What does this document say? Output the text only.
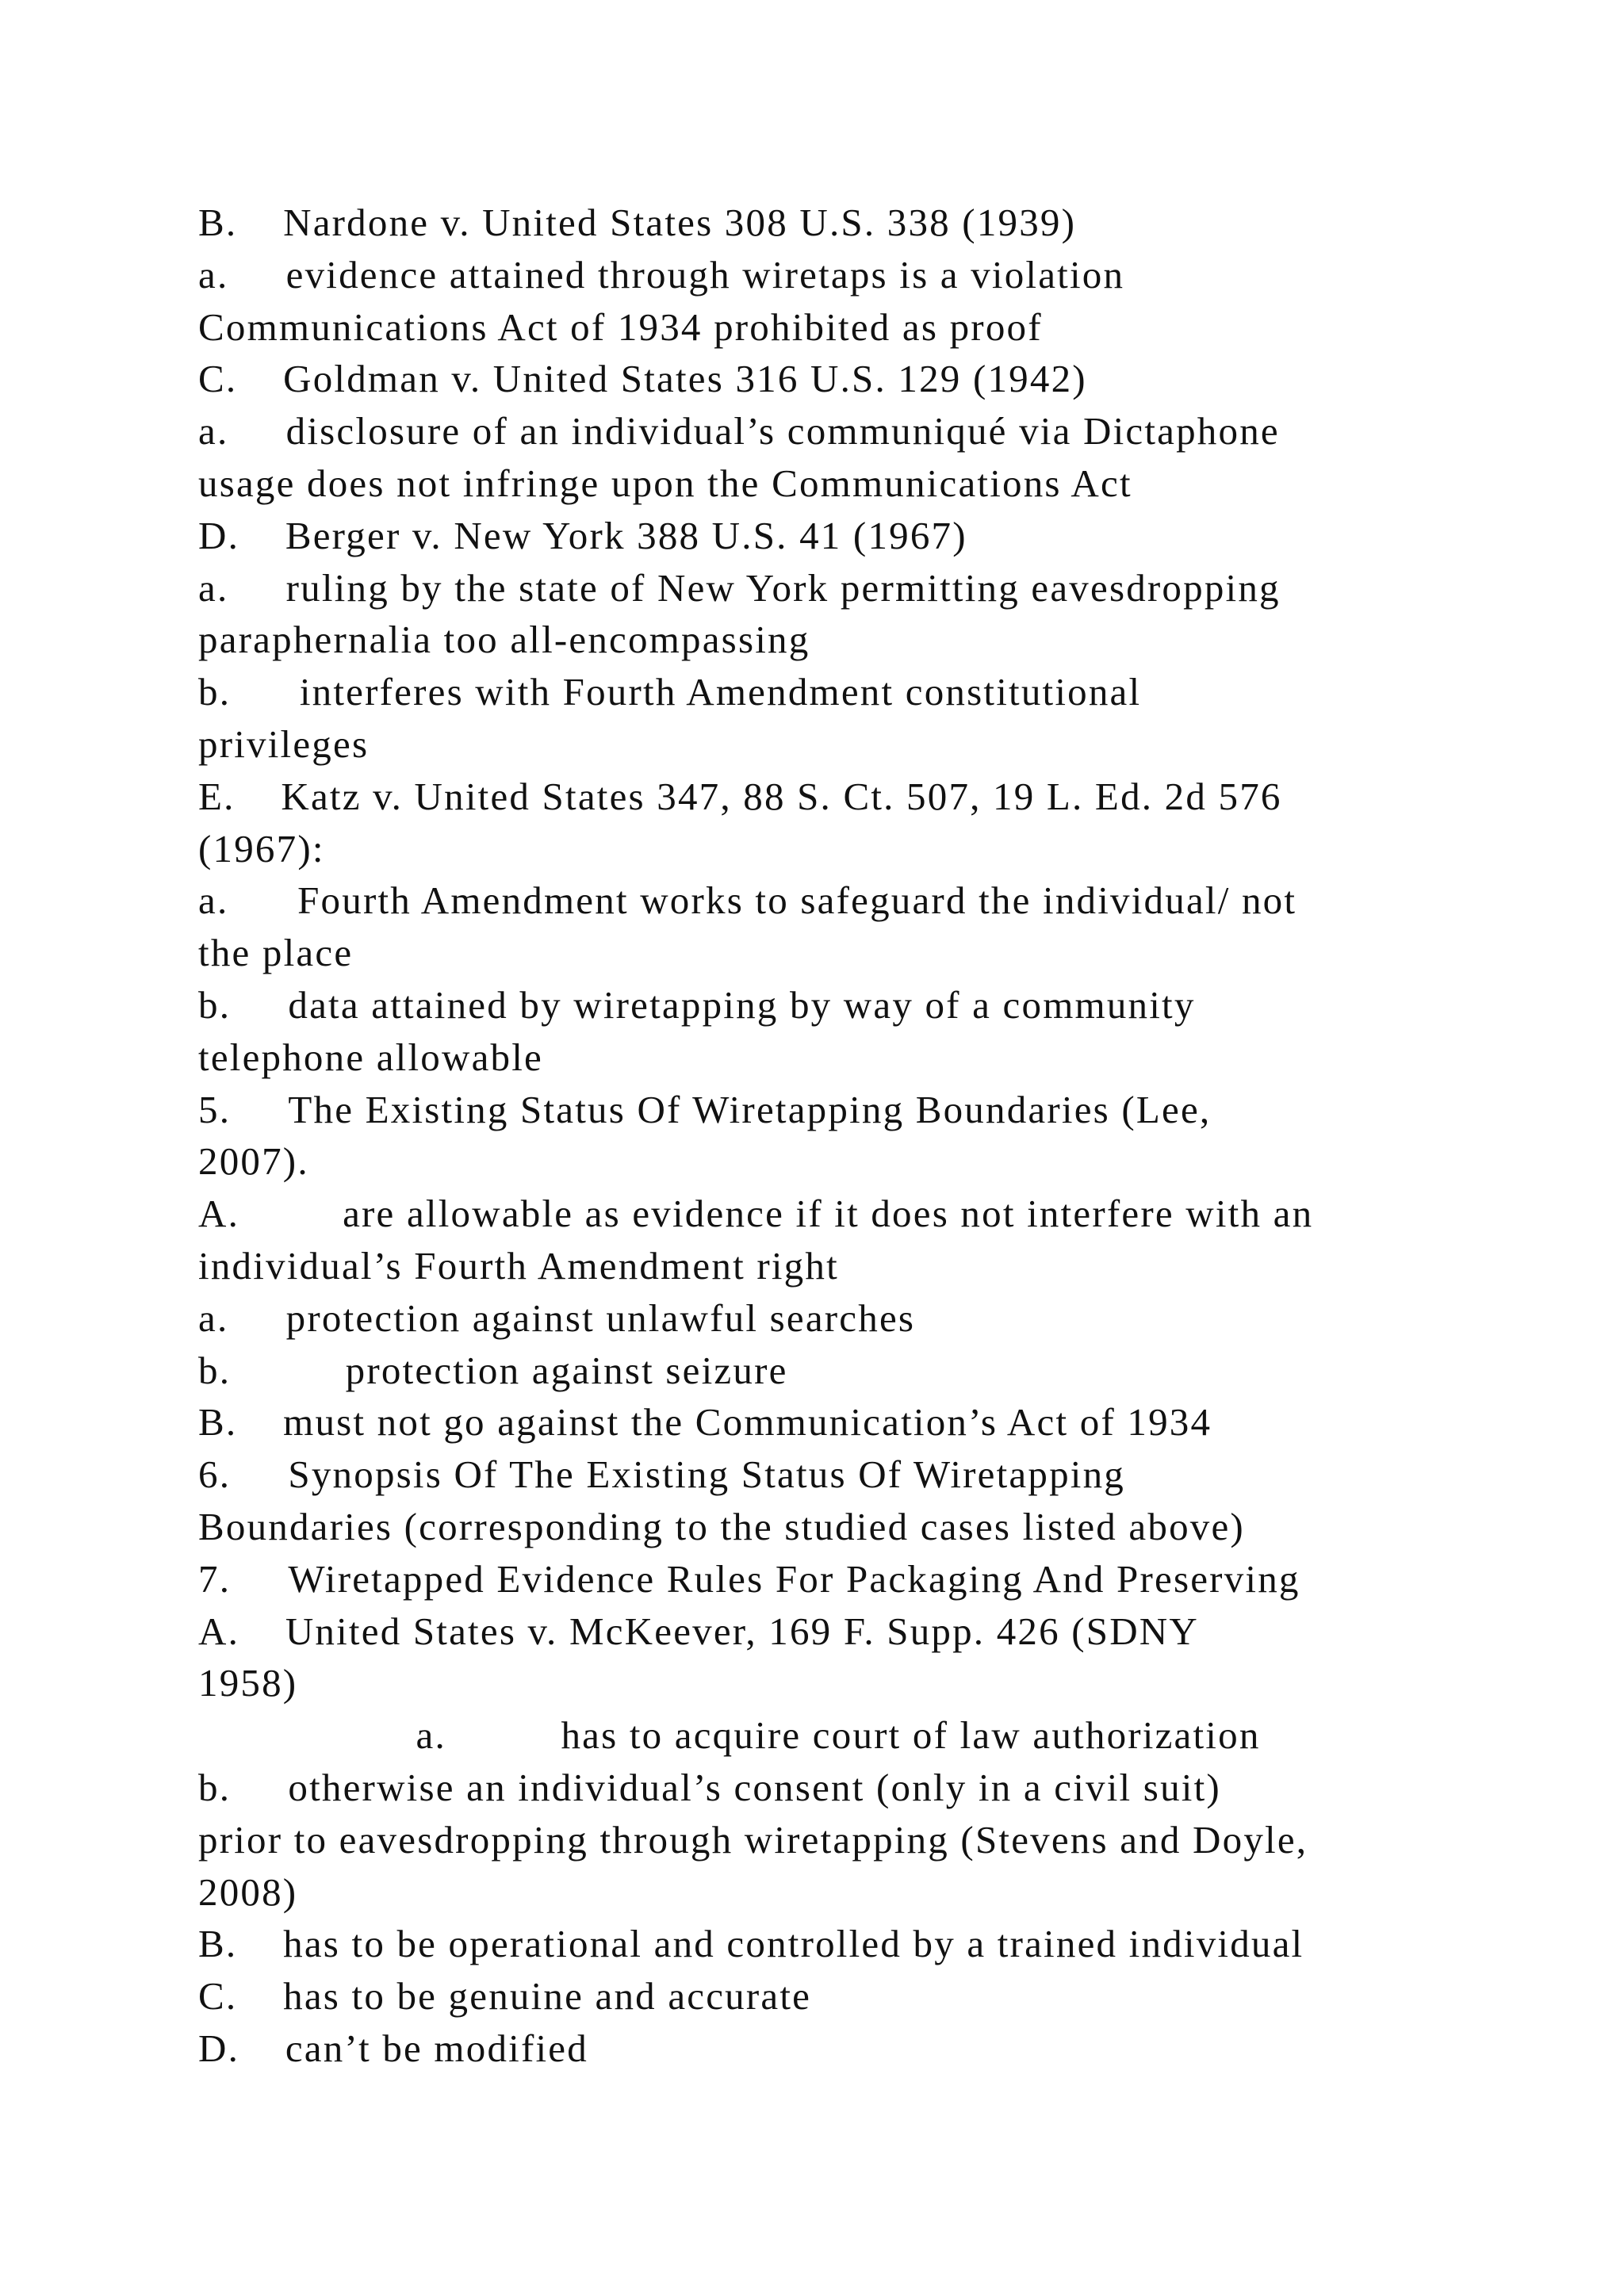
B.    Nardone v. United States 308 U.S. 338 (1939)
a.     evidence attained through wiretaps is a violation
Communications Act of 1934 prohibited as proof
C.    Goldman v. United States 316 U.S. 129 (1942)
a.     disclosure of an individual’s communiqué via Dictaphone
usage does not infringe upon the Communications Act
D.    Berger v. New York 388 U.S. 41 (1967)
a.     ruling by the state of New York permitting eavesdropping
paraphernalia too all-encompassing
b.      interferes with Fourth Amendment constitutional
privileges
E.    Katz v. United States 347, 88 S. Ct. 507, 19 L. Ed. 2d 576
(1967):
a.      Fourth Amendment works to safeguard the individual/ not
the place
b.     data attained by wiretapping by way of a community
telephone allowable
5.     The Existing Status Of Wiretapping Boundaries (Lee,
2007).
A.         are allowable as evidence if it does not interfere with an
individual’s Fourth Amendment right
a.     protection against unlawful searches
b.          protection against seizure
B.    must not go against the Communication’s Act of 1934
6.     Synopsis Of The Existing Status Of Wiretapping
Boundaries (corresponding to the studied cases listed above)
7.     Wiretapped Evidence Rules For Packaging And Preserving
A.    United States v. McKeever, 169 F. Supp. 426 (SDNY
1958)
a.          has to acquire court of law authorization
b.     otherwise an individual’s consent (only in a civil suit)
prior to eavesdropping through wiretapping (Stevens and Doyle,
2008)
B.    has to be operational and controlled by a trained individual
C.    has to be genuine and accurate
D.    can’t be modified
